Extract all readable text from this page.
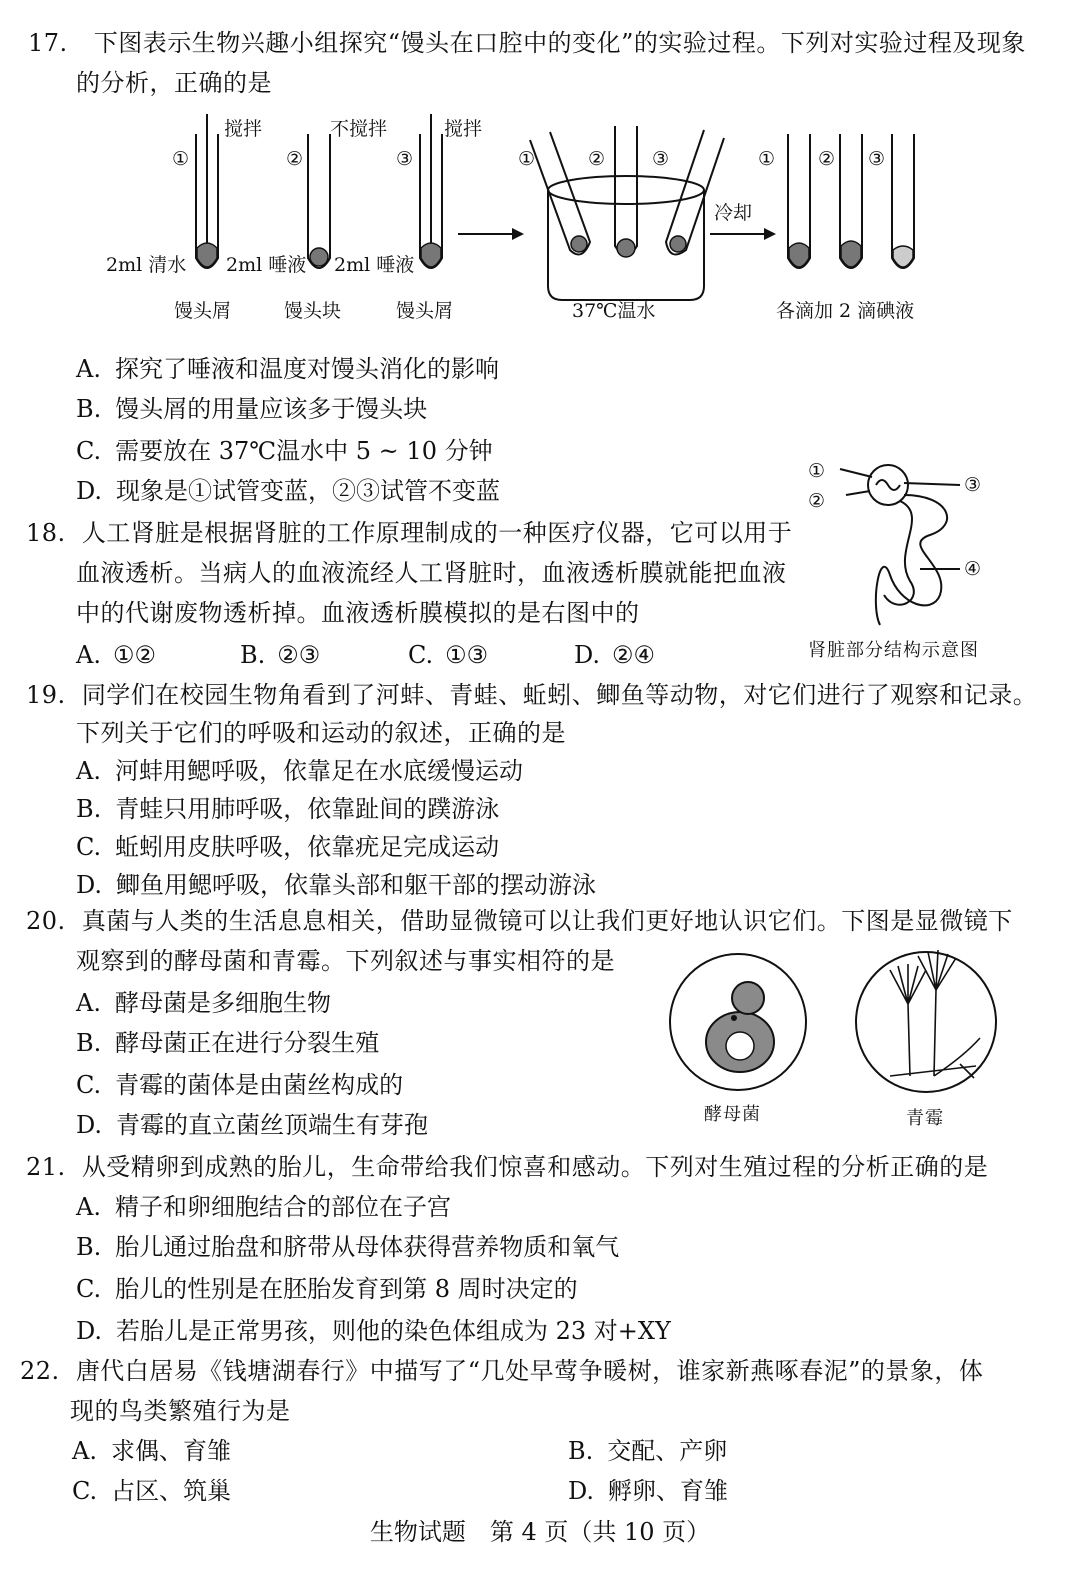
17. 下图表示生物兴趣小组探究“馒头在口腔中的变化”的实验过程。下列对实验过程及现象
的分析，正确的是
搅拌	不搅拌	搅拌
①	②	③	①	② ③	① ② ③
冷却
2ml 清水 2ml 唾液 2ml 唾液
馒头屑	馒头块	馒头屑	37℃温水	各滴加 2 滴碘液
A. 探究了唾液和温度对馒头消化的影响
B. 馒头屑的用量应该多于馒头块
C. 需要放在 37℃温水中 5 ~ 10 分钟
D. 现象是①试管变蓝，②③试管不变蓝
18. 人工肾脏是根据肾脏的工作原理制成的一种医疗仪器，它可以用于
血液透析。当病人的血液流经人工肾脏时，血液透析膜就能把血液
中的代谢废物透析掉。血液透析膜模拟的是右图中的
A. ①②	B. ②③	C. ①③	D. ②④
①
②
③
④
肾脏部分结构示意图
19. 同学们在校园生物角看到了河蚌、青蛙、蚯蚓、鲫鱼等动物，对它们进行了观察和记录。
下列关于它们的呼吸和运动的叙述，正确的是
A. 河蚌用鳃呼吸，依靠足在水底缓慢运动
B. 青蛙只用肺呼吸，依靠趾间的蹼游泳
C. 蚯蚓用皮肤呼吸，依靠疣足完成运动
D. 鲫鱼用鳃呼吸，依靠头部和躯干部的摆动游泳
20. 真菌与人类的生活息息相关，借助显微镜可以让我们更好地认识它们。下图是显微镜下
观察到的酵母菌和青霉。下列叙述与事实相符的是
A. 酵母菌是多细胞生物
B. 酵母菌正在进行分裂生殖
C. 青霉的菌体是由菌丝构成的
D. 青霉的直立菌丝顶端生有芽孢	酵母菌	青霉
21. 从受精卵到成熟的胎儿，生命带给我们惊喜和感动。下列对生殖过程的分析正确的是
A. 精子和卵细胞结合的部位在子宫
B. 胎儿通过胎盘和脐带从母体获得营养物质和氧气
C. 胎儿的性别是在胚胎发育到第 8 周时决定的
D. 若胎儿是正常男孩，则他的染色体组成为 23 对+XY
22. 唐代白居易《钱塘湖春行》中描写了“几处早莺争暖树，谁家新燕啄春泥”的景象，体
现的鸟类繁殖行为是
A. 求偶、育雏	B. 交配、产卵
C. 占区、筑巢	D. 孵卵、育雏
生物试题　第 4 页（共 10 页）
